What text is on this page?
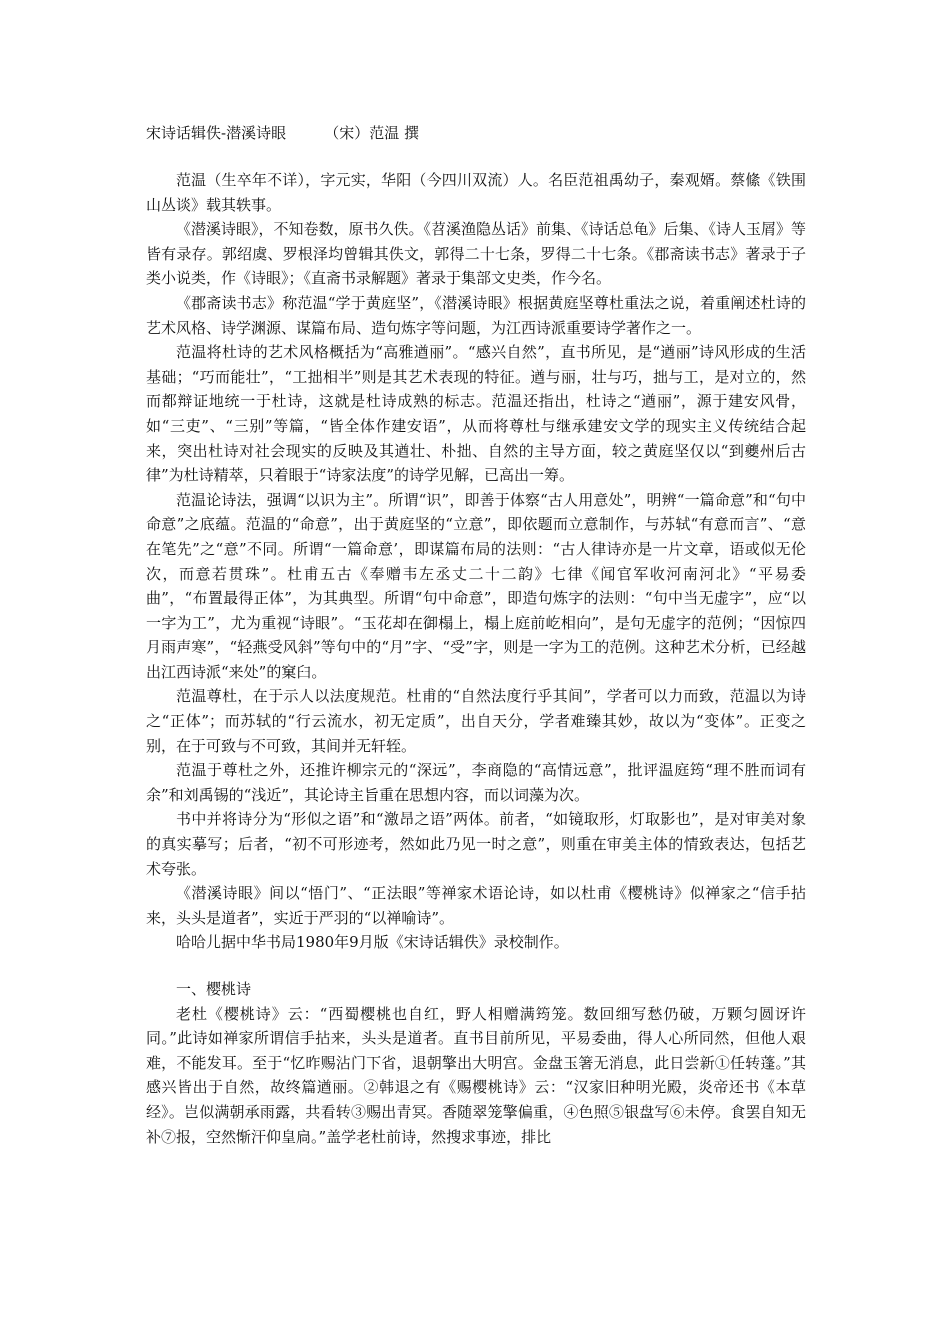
宋诗话辑佚-潜溪诗眼        （宋）范温 撰

范温（生卒年不详），字元实，华阳（今四川双流）人。名臣范祖禹幼子，秦观婿。蔡絛《铁围山丛谈》载其轶事。

《潜溪诗眼》，不知卷数，原书久佚。《苕溪渔隐丛话》前集、《诗话总龟》后集、《诗人玉屑》等皆有录存。郭绍虞、罗根泽均曾辑其佚文，郭得二十七条，罗得二十七条。《郡斋读书志》著录于子类小说类，作《诗眼》；《直斋书录解题》著录于集部文史类，作今名。

《郡斋读书志》称范温“学于黄庭坚”，《潜溪诗眼》根据黄庭坚尊杜重法之说，着重阐述杜诗的艺术风格、诗学渊源、谋篇布局、造句炼字等问题，为江西诗派重要诗学著作之一。

范温将杜诗的艺术风格概括为“高雅遒丽”。“感兴自然”，直书所见，是“遒丽”诗风形成的生活基础；“巧而能壮”，“工拙相半”则是其艺术表现的特征。遒与丽，壮与巧，拙与工，是对立的，然而都辩证地统一于杜诗，这就是杜诗成熟的标志。范温还指出，杜诗之“遒丽”，源于建安风骨，如“三吏”、“三别”等篇，“皆全体作建安语”，从而将尊杜与继承建安文学的现实主义传统结合起来，突出杜诗对社会现实的反映及其遒壮、朴拙、自然的主导方面，较之黄庭坚仅以“到夔州后古律”为杜诗精萃，只着眼于“诗家法度”的诗学见解，已高出一筹。

范温论诗法，强调“以识为主”。所谓“识”，即善于体察“古人用意处”，明辨“一篇命意”和“句中命意”之底蕴。范温的“命意”，出于黄庭坚的“立意”，即依题而立意制作，与苏轼“有意而言”、“意在笔先”之“意”不同。所谓“一篇命意’，即谋篇布局的法则：“古人律诗亦是一片文章，语或似无伦次，而意若贯珠”。杜甫五古《奉赠韦左丞丈二十二韵》七律《闻官军收河南河北》“平易委曲”，“布置最得正体”，为其典型。所谓“句中命意”，即造句炼字的法则：“句中当无虚字”，应“以一字为工”，尤为重视“诗眼”。“玉花却在御榻上，榻上庭前屹相向”，是句无虚字的范例；“因惊四月雨声寒”，“轻燕受风斜”等句中的“月”字、“受”字，则是一字为工的范例。这种艺术分析，已经越出江西诗派“来处”的窠臼。

范温尊杜，在于示人以法度规范。杜甫的“自然法度行乎其间”，学者可以力而致，范温以为诗之“正体”；而苏轼的“行云流水，初无定质”，出自天分，学者难臻其妙，故以为“变体”。正变之别，在于可致与不可致，其间并无轩轾。

范温于尊杜之外，还推许柳宗元的“深远”，李商隐的“高情远意”，批评温庭筠“理不胜而词有余”和刘禹锡的“浅近”，其论诗主旨重在思想内容，而以词藻为次。

书中并将诗分为“形似之语”和“激昂之语”两体。前者，“如镜取形，灯取影也”，是对审美对象的真实摹写；后者，“初不可形迹考，然如此乃见一时之意”，则重在审美主体的情致表达，包括艺术夸张。

《潜溪诗眼》间以“悟门”、“正法眼”等禅家术语论诗，如以杜甫《樱桃诗》似禅家之“信手拈来，头头是道者”，实近于严羽的“以禅喻诗”。

哈哈儿据中华书局1980年9月版《宋诗话辑佚》录校制作。

一、樱桃诗

老杜《樱桃诗》云：“西蜀樱桃也自红，野人相赠满筠笼。数回细写愁仍破，万颗匀圆讶许同。”此诗如禅家所谓信手拈来，头头是道者。直书目前所见，平易委曲，得人心所同然，但他人艰难，不能发耳。至于“忆昨赐沾门下省，退朝擎出大明宫。金盘玉箸无消息，此日尝新①任转蓬。”其感兴皆出于自然，故终篇遒丽。②韩退之有《赐樱桃诗》云：“汉家旧种明光殿，炎帝还书《本草经》。岂似满朝承雨露，共看转③赐出青冥。香随翠笼擎偏重，④色照⑤银盘写⑥未停。食罢自知无补⑦报，空然惭汗仰皇扃。”盖学老杜前诗，然搜求事迹，排比
